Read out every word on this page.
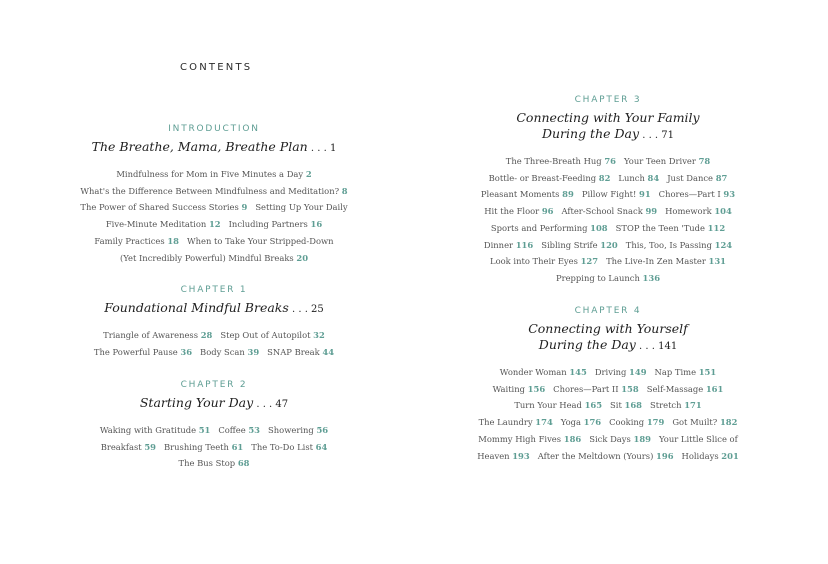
CONTENTS
INTRODUCTION
The Breathe, Mama, Breathe Plan . . . 1
Mindfulness for Mom in Five Minutes a Day 2
What's the Difference Between Mindfulness and Meditation? 8
The Power of Shared Success Stories 9 Setting Up Your Daily
Five-Minute Meditation 12 Including Partners 16
Family Practices 18 When to Take Your Stripped-Down
(Yet Incredibly Powerful) Mindful Breaks 20
CHAPTER 1
Foundational Mindful Breaks . . . 25
Triangle of Awareness 28 Step Out of Autopilot 32
The Powerful Pause 36 Body Scan 39 SNAP Break 44
CHAPTER 2
Starting Your Day . . . 47
Waking with Gratitude 51 Coffee 53 Showering 56
Breakfast 59 Brushing Teeth 61 The To-Do List 64
The Bus Stop 68
CHAPTER 3
Connecting with Your Family
During the Day . . . 71
The Three-Breath Hug 76 Your Teen Driver 78
Bottle- or Breast-Feeding 82 Lunch 84 Just Dance 87
Pleasant Moments 89 Pillow Fight! 91 Chores—Part I 93
Hit the Floor 96 After-School Snack 99 Homework 104
Sports and Performing 108 STOP the Teen 'Tude 112
Dinner 116 Sibling Strife 120 This, Too, Is Passing 124
Look into Their Eyes 127 The Live-In Zen Master 131
Prepping to Launch 136
CHAPTER 4
Connecting with Yourself
During the Day . . . 141
Wonder Woman 145 Driving 149 Nap Time 151
Waiting 156 Chores—Part II 158 Self-Massage 161
Turn Your Head 165 Sit 168 Stretch 171
The Laundry 174 Yoga 176 Cooking 179 Got Muilt? 182
Mommy High Fives 186 Sick Days 189 Your Little Slice of
Heaven 193 After the Meltdown (Yours) 196 Holidays 201
